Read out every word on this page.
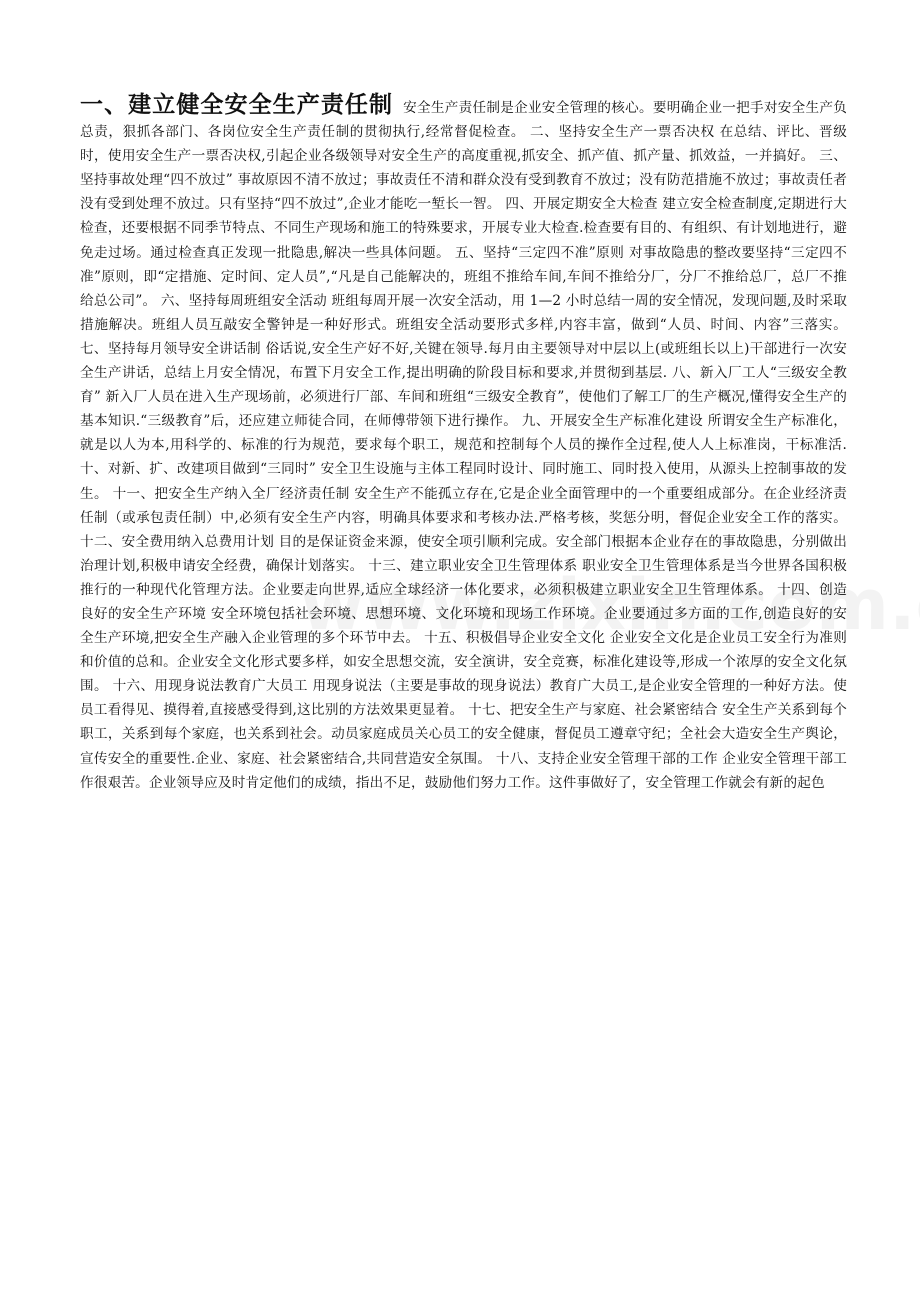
一、建立健全安全生产责任制 安全生产责任制是企业安全管理的核心。要明确企业一把手对安全生产负总责，狠抓各部门、各岗位安全生产责任制的贯彻执行,经常督促检查。 二、坚持安全生产一票否决权 在总结、评比、晋级时，使用安全生产一票否决权,引起企业各级领导对安全生产的高度重视,抓安全、抓产值、抓产量、抓效益，一并搞好。 三、坚持事故处理“四不放过” 事故原因不清不放过；事故责任不清和群众没有受到教育不放过；没有防范措施不放过；事故责任者没有受到处理不放过。只有坚持“四不放过”,企业才能吃一堑长一智。 四、开展定期安全大检查 建立安全检查制度,定期进行大检查，还要根据不同季节特点、不同生产现场和施工的特殊要求，开展专业大检查.检查要有目的、有组织、有计划地进行，避免走过场。通过检查真正发现一批隐患,解决一些具体问题。 五、坚持“三定四不准”原则 对事故隐患的整改要坚持“三定四不准”原则，即“定措施、定时间、定人员”,“凡是自己能解决的，班组不推给车间,车间不推给分厂，分厂不推给总厂，总厂不推给总公司”。 六、坚持每周班组安全活动 班组每周开展一次安全活动，用 1—2 小时总结一周的安全情况，发现问题,及时采取措施解决。班组人员互敲安全警钟是一种好形式。班组安全活动要形式多样,内容丰富，做到“人员、时间、内容”三落实。 七、坚持每月领导安全讲话制 俗话说,安全生产好不好,关键在领导.每月由主要领导对中层以上(或班组长以上)干部进行一次安全生产讲话，总结上月安全情况，布置下月安全工作,提出明确的阶段目标和要求,并贯彻到基层. 八、新入厂工人“三级安全教育” 新入厂人员在进入生产现场前，必须进行厂部、车间和班组“三级安全教育”，使他们了解工厂的生产概况,懂得安全生产的基本知识.“三级教育”后，还应建立师徒合同，在师傅带领下进行操作。 九、开展安全生产标准化建设 所谓安全生产标准化，就是以人为本,用科学的、标准的行为规范，要求每个职工，规范和控制每个人员的操作全过程,使人人上标准岗，干标准活.十、对新、扩、改建项目做到“三同时” 安全卫生设施与主体工程同时设计、同时施工、同时投入使用，从源头上控制事故的发生。 十一、把安全生产纳入全厂经济责任制 安全生产不能孤立存在,它是企业全面管理中的一个重要组成部分。在企业经济责任制（或承包责任制）中,必须有安全生产内容，明确具体要求和考核办法.严格考核，奖惩分明，督促企业安全工作的落实。 十二、安全费用纳入总费用计划 目的是保证资金来源，使安全项引顺利完成。安全部门根据本企业存在的事故隐患，分别做出治理计划,积极申请安全经费，确保计划落实。 十三、建立职业安全卫生管理体系 职业安全卫生管理体系是当今世界各国积极推行的一种现代化管理方法。企业要走向世界,适应全球经济一体化要求，必须积极建立职业安全卫生管理体系。 十四、创造良好的安全生产环境 安全环境包括社会环境、思想环境、文化环境和现场工作环境。企业要通过多方面的工作,创造良好的安全生产环境,把安全生产融入企业管理的多个环节中去。 十五、积极倡导企业安全文化 企业安全文化是企业员工安全行为准则和价值的总和。企业安全文化形式要多样，如安全思想交流，安全演讲，安全竞赛，标准化建设等,形成一个浓厚的安全文化氛围。 十六、用现身说法教育广大员工 用现身说法（主要是事故的现身说法）教育广大员工,是企业安全管理的一种好方法。使员工看得见、摸得着,直接感受得到,这比别的方法效果更显着。 十七、把安全生产与家庭、社会紧密结合 安全生产关系到每个职工，关系到每个家庭，也关系到社会。动员家庭成员关心员工的安全健康，督促员工遵章守纪；全社会大造安全生产舆论，宣传安全的重要性.企业、家庭、社会紧密结合,共同营造安全氛围。 十八、支持企业安全管理干部的工作 企业安全管理干部工作很艰苦。企业领导应及时肯定他们的成绩，指出不足，鼓励他们努力工作。这件事做好了，安全管理工作就会有新的起色
